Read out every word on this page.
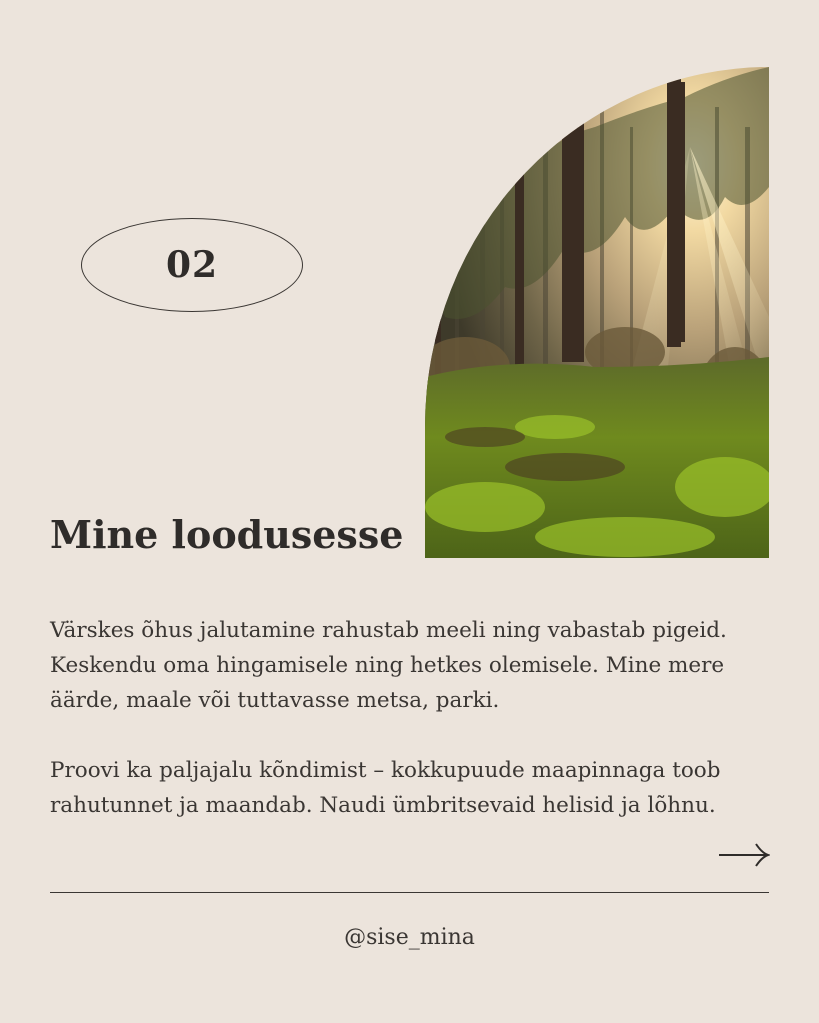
02
Mine loodusesse

Värskes õhus jalutamine rahustab meeli ning vabastab pigeid. Keskendu oma hingamisele ning hetkes olemisele. Mine mere äärde, maale või tuttavasse metsa, parki.

Proovi ka paljajalu kõndimist – kokkupuude maapinnaga toob rahutunnet ja maandab. Naudi ümbritsevaid helisid ja lõhnu.

@sise_mina
